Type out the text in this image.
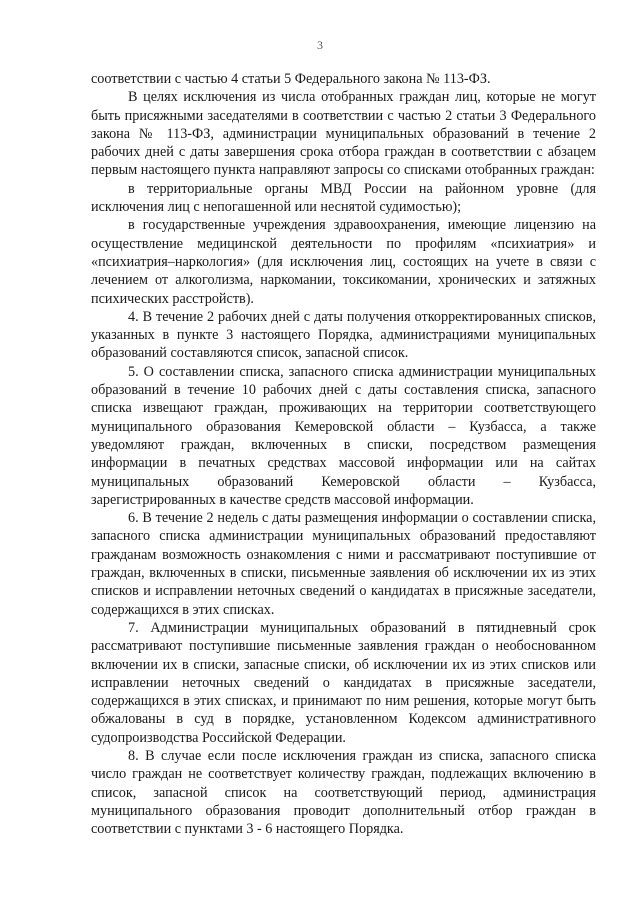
3

соответствии с частью 4 статьи 5 Федерального закона № 113-ФЗ.

В целях исключения из числа отобранных граждан лиц, которые не могут быть присяжными заседателями в соответствии с частью 2 статьи 3 Федерального закона № 113-ФЗ, администрации муниципальных образований в течение 2 рабочих дней с даты завершения срока отбора граждан в соответствии с абзацем первым настоящего пункта направляют запросы со списками отобранных граждан:

в территориальные органы МВД России на районном уровне (для исключения лиц с непогашенной или неснятой судимостью);

в государственные учреждения здравоохранения, имеющие лицензию на осуществление медицинской деятельности по профилям «психиатрия» и «психиатрия–наркология» (для исключения лиц, состоящих на учете в связи с лечением от алкоголизма, наркомании, токсикомании, хронических и затяжных психических расстройств).

4. В течение 2 рабочих дней с даты получения откорректированных списков, указанных в пункте 3 настоящего Порядка, администрациями муниципальных образований составляются список, запасной список.

5. О составлении списка, запасного списка администрации муниципальных образований в течение 10 рабочих дней с даты составления списка, запасного списка извещают граждан, проживающих на территории соответствующего муниципального образования Кемеровской области – Кузбасса, а также уведомляют граждан, включенных в списки, посредством размещения информации в печатных средствах массовой информации или на сайтах муниципальных образований Кемеровской области – Кузбасса, зарегистрированных в качестве средств массовой информации.

6. В течение 2 недель с даты размещения информации о составлении списка, запасного списка администрации муниципальных образований предоставляют гражданам возможность ознакомления с ними и рассматривают поступившие от граждан, включенных в списки, письменные заявления об исключении их из этих списков и исправлении неточных сведений о кандидатах в присяжные заседатели, содержащихся в этих списках.

7. Администрации муниципальных образований в пятидневный срок рассматривают поступившие письменные заявления граждан о необоснованном включении их в списки, запасные списки, об исключении их из этих списков или исправлении неточных сведений о кандидатах в присяжные заседатели, содержащихся в этих списках, и принимают по ним решения, которые могут быть обжалованы в суд в порядке, установленном Кодексом административного судопроизводства Российской Федерации.

8. В случае если после исключения граждан из списка, запасного списка число граждан не соответствует количеству граждан, подлежащих включению в список, запасной список на соответствующий период, администрация муниципального образования проводит дополнительный отбор граждан в соответствии с пунктами 3 - 6 настоящего Порядка.
